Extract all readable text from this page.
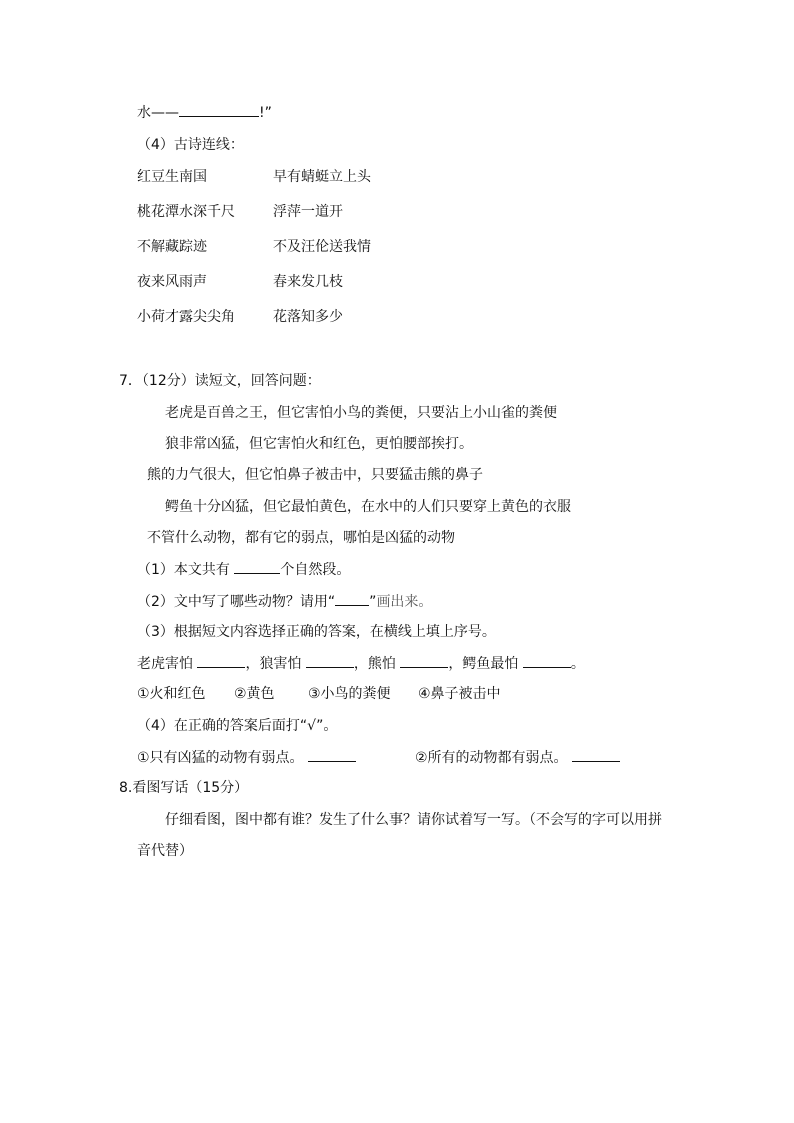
水——	!”
（4）古诗连线：
红豆生南国	早有蜻蜓立上头
桃花潭水深千尺	浮萍一道开
不解藏踪迹	不及汪伦送我情
夜来风雨声	春来发几枝
小荷才露尖尖角	花落知多少
7．（12分）读短文，回答问题：
老虎是百兽之王，但它害怕小鸟的粪便，只要沾上小山雀的粪便
狼非常凶猛，但它害怕火和红色，更怕腰部挨打。
熊的力气很大，但它怕鼻子被击中，只要猛击熊的鼻子
鳄鱼十分凶猛，但它最怕黄色，在水中的人们只要穿上黄色的衣服
不管什么动物，都有它的弱点，哪怕是凶猛的动物
（1）本文共有	个自然段。
（2）文中写了哪些动物？请用“ ”画出来。
（3）根据短文内容选择正确的答案，在横线上填上序号。
老虎害怕	，狼害怕	，熊怕	，鳄鱼最怕	。
①火和红色 ②黄色 ③小鸟的粪便 ④鼻子被击中
（4）在正确的答案后面打“√”。
①只有凶猛的动物有弱点。	②所有的动物都有弱点。
8.看图写话（15分）
仔细看图，图中都有谁？发生了什么事？请你试着写一写。（不会写的字可以用拼
音代替）
